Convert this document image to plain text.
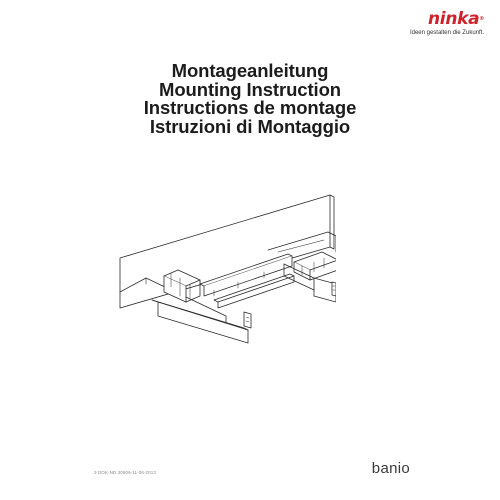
ninka®
Ideen gestalten die Zukunft.
Montageanleitung
Mounting Instruction
Instructions de montage
Istruzioni di Montaggio
3 DOK-ND 30906-11-06-2013	banio
